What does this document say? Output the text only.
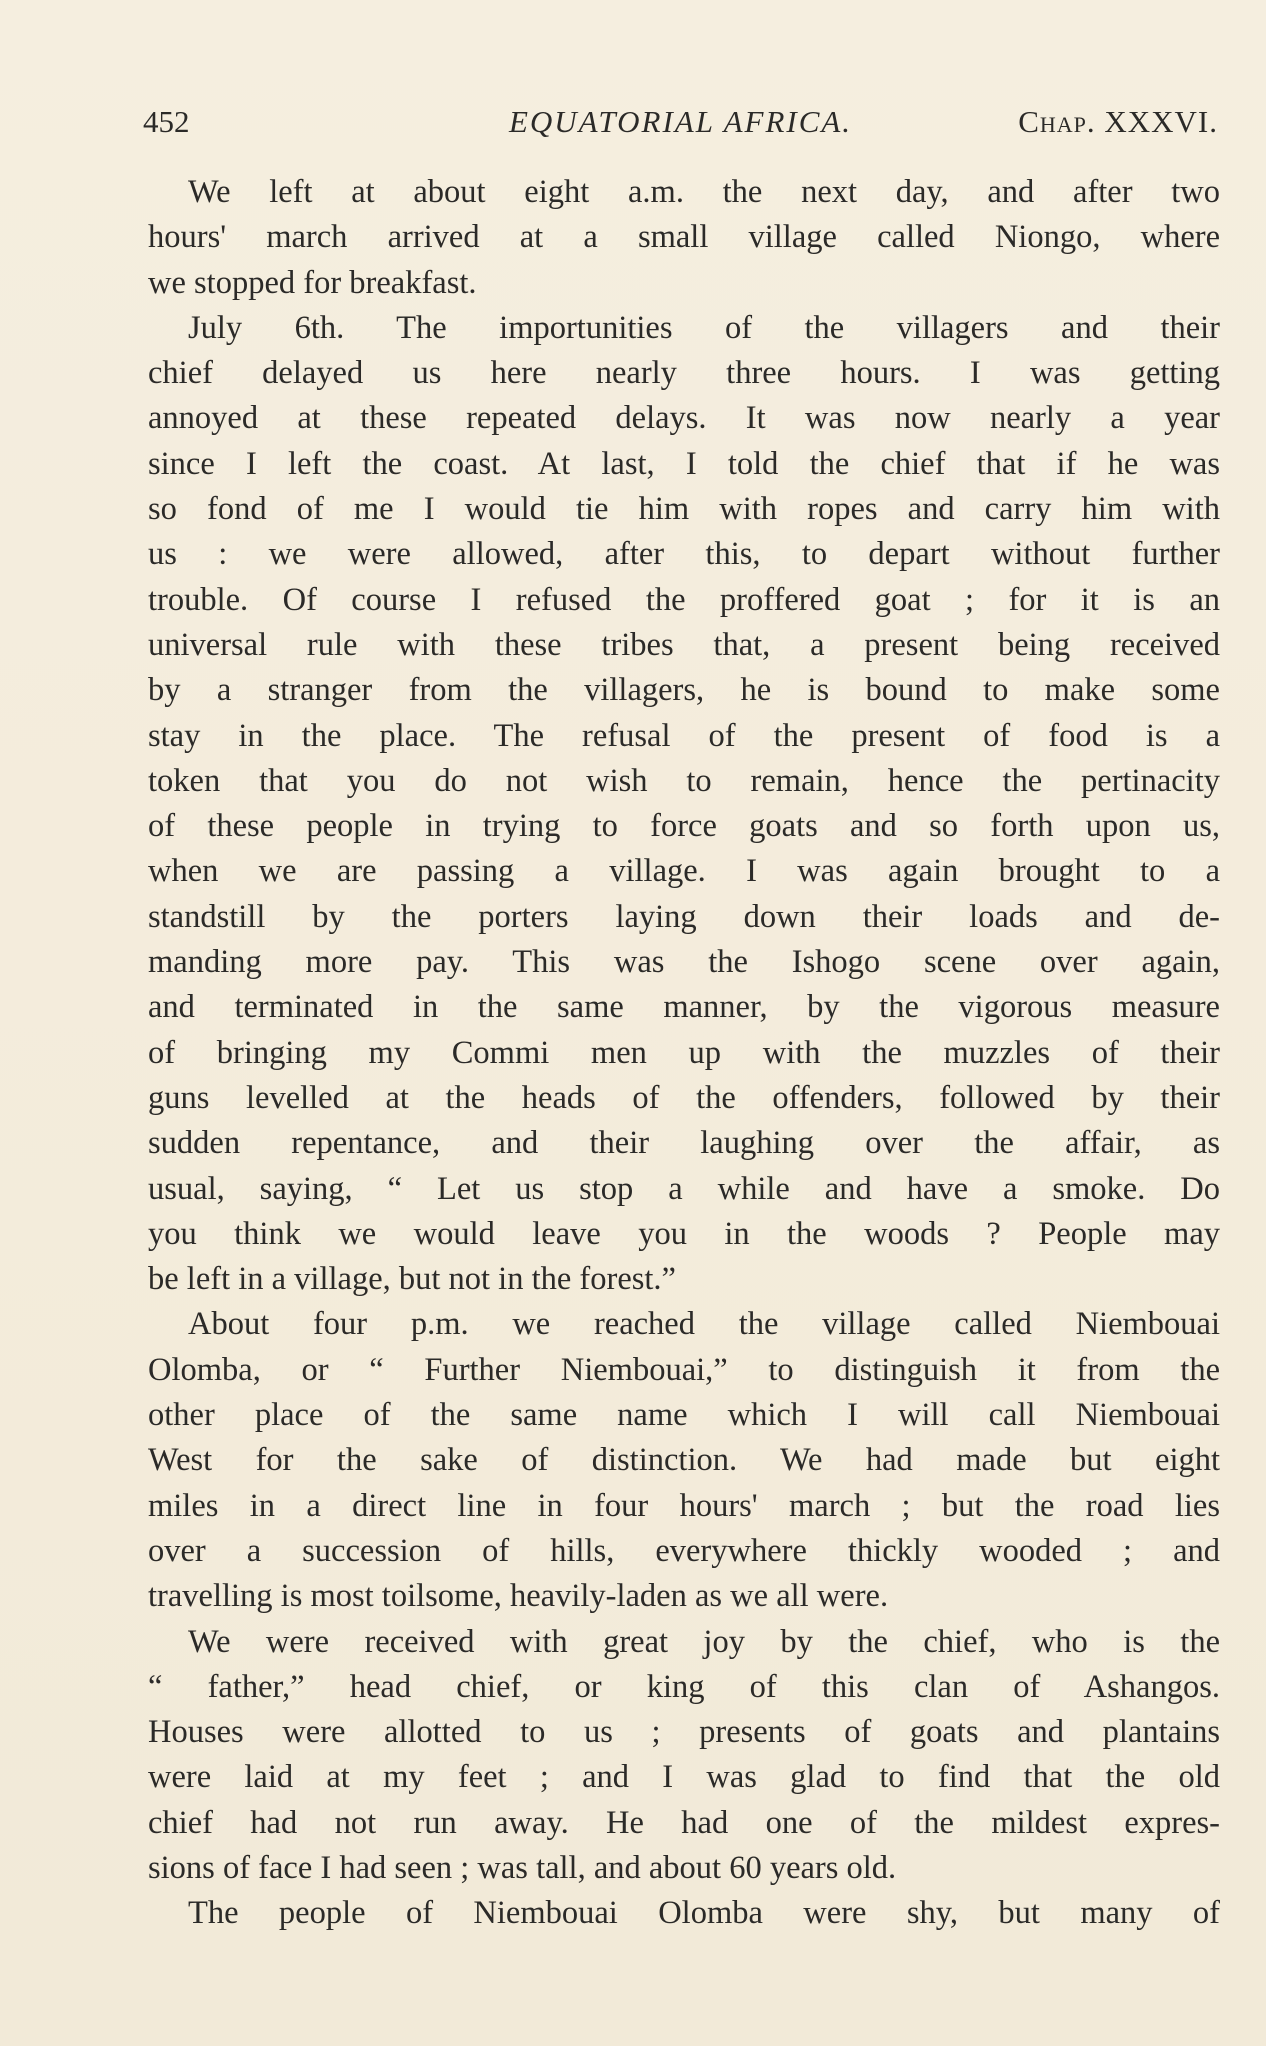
452	EQUATORIAL AFRICA.	Chap. XXXVI.
We left at about eight a.m. the next day, and after two
hours' march arrived at a small village called Niongo, where
we stopped for breakfast.
July 6th. The importunities of the villagers and their
chief delayed us here nearly three hours. I was getting
annoyed at these repeated delays. It was now nearly a year
since I left the coast. At last, I told the chief that if he was
so fond of me I would tie him with ropes and carry him with
us : we were allowed, after this, to depart without further
trouble. Of course I refused the proffered goat ; for it is an
universal rule with these tribes that, a present being received
by a stranger from the villagers, he is bound to make some
stay in the place. The refusal of the present of food is a
token that you do not wish to remain, hence the pertinacity
of these people in trying to force goats and so forth upon us,
when we are passing a village. I was again brought to a
standstill by the porters laying down their loads and de-
manding more pay. This was the Ishogo scene over again,
and terminated in the same manner, by the vigorous measure
of bringing my Commi men up with the muzzles of their
guns levelled at the heads of the offenders, followed by their
sudden repentance, and their laughing over the affair, as
usual, saying, “ Let us stop a while and have a smoke. Do
you think we would leave you in the woods ? People may
be left in a village, but not in the forest.”
About four p.m. we reached the village called Niembouai
Olomba, or “ Further Niembouai,” to distinguish it from the
other place of the same name which I will call Niembouai
West for the sake of distinction. We had made but eight
miles in a direct line in four hours' march ; but the road lies
over a succession of hills, everywhere thickly wooded ; and
travelling is most toilsome, heavily-laden as we all were.
We were received with great joy by the chief, who is the
“ father,” head chief, or king of this clan of Ashangos.
Houses were allotted to us ; presents of goats and plantains
were laid at my feet ; and I was glad to find that the old
chief had not run away. He had one of the mildest expres-
sions of face I had seen ; was tall, and about 60 years old.
The people of Niembouai Olomba were shy, but many of
